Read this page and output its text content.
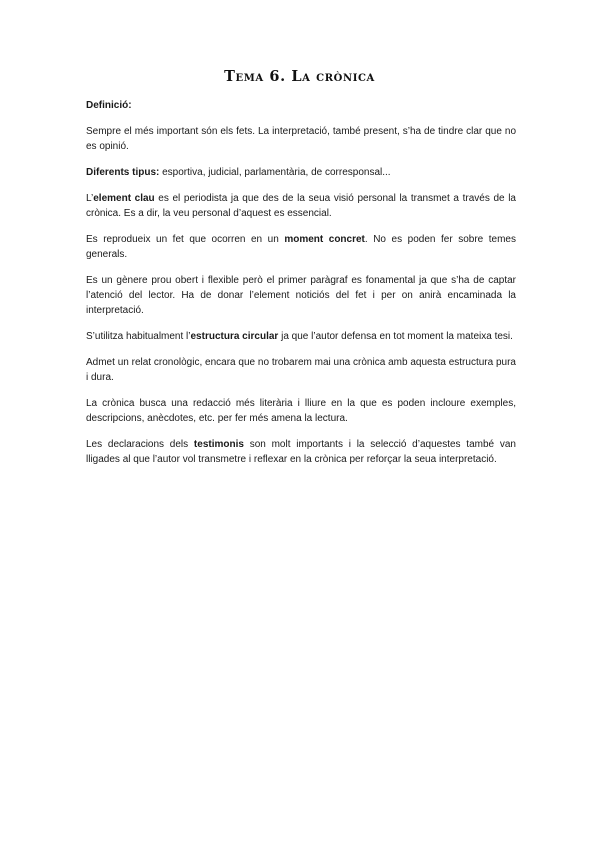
Tema 6. La crònica

Definició:

Sempre el més important són els fets. La interpretació, també present, s’ha de tindre clar que no es opinió.

Diferents tipus: esportiva, judicial, parlamentària, de corresponsal...

L’element clau es el periodista ja que des de la seua visió personal la transmet a través de la crònica. Es a dir, la veu personal d’aquest es essencial.

Es reprodueix un fet que ocorren en un moment concret. No es poden fer sobre temes generals.

Es un gènere prou obert i flexible però el primer paràgraf es fonamental ja que s’ha de captar l’atenció del lector. Ha de donar l’element noticiós del fet i per on anirà encaminada la interpretació.

S’utilitza habitualment l’estructura circular ja que l’autor defensa en tot moment la mateixa tesi.

Admet un relat cronològic, encara que no trobarem mai una crònica amb aquesta estructura pura i dura.

La crònica busca una redacció més literària i lliure en la que es poden incloure exemples, descripcions, anècdotes, etc. per fer més amena la lectura.

Les declaracions dels testimonis son molt importants i la selecció d’aquestes també van lligades al que l’autor vol transmetre i reflexar en la crònica per reforçar la seua interpretació.
